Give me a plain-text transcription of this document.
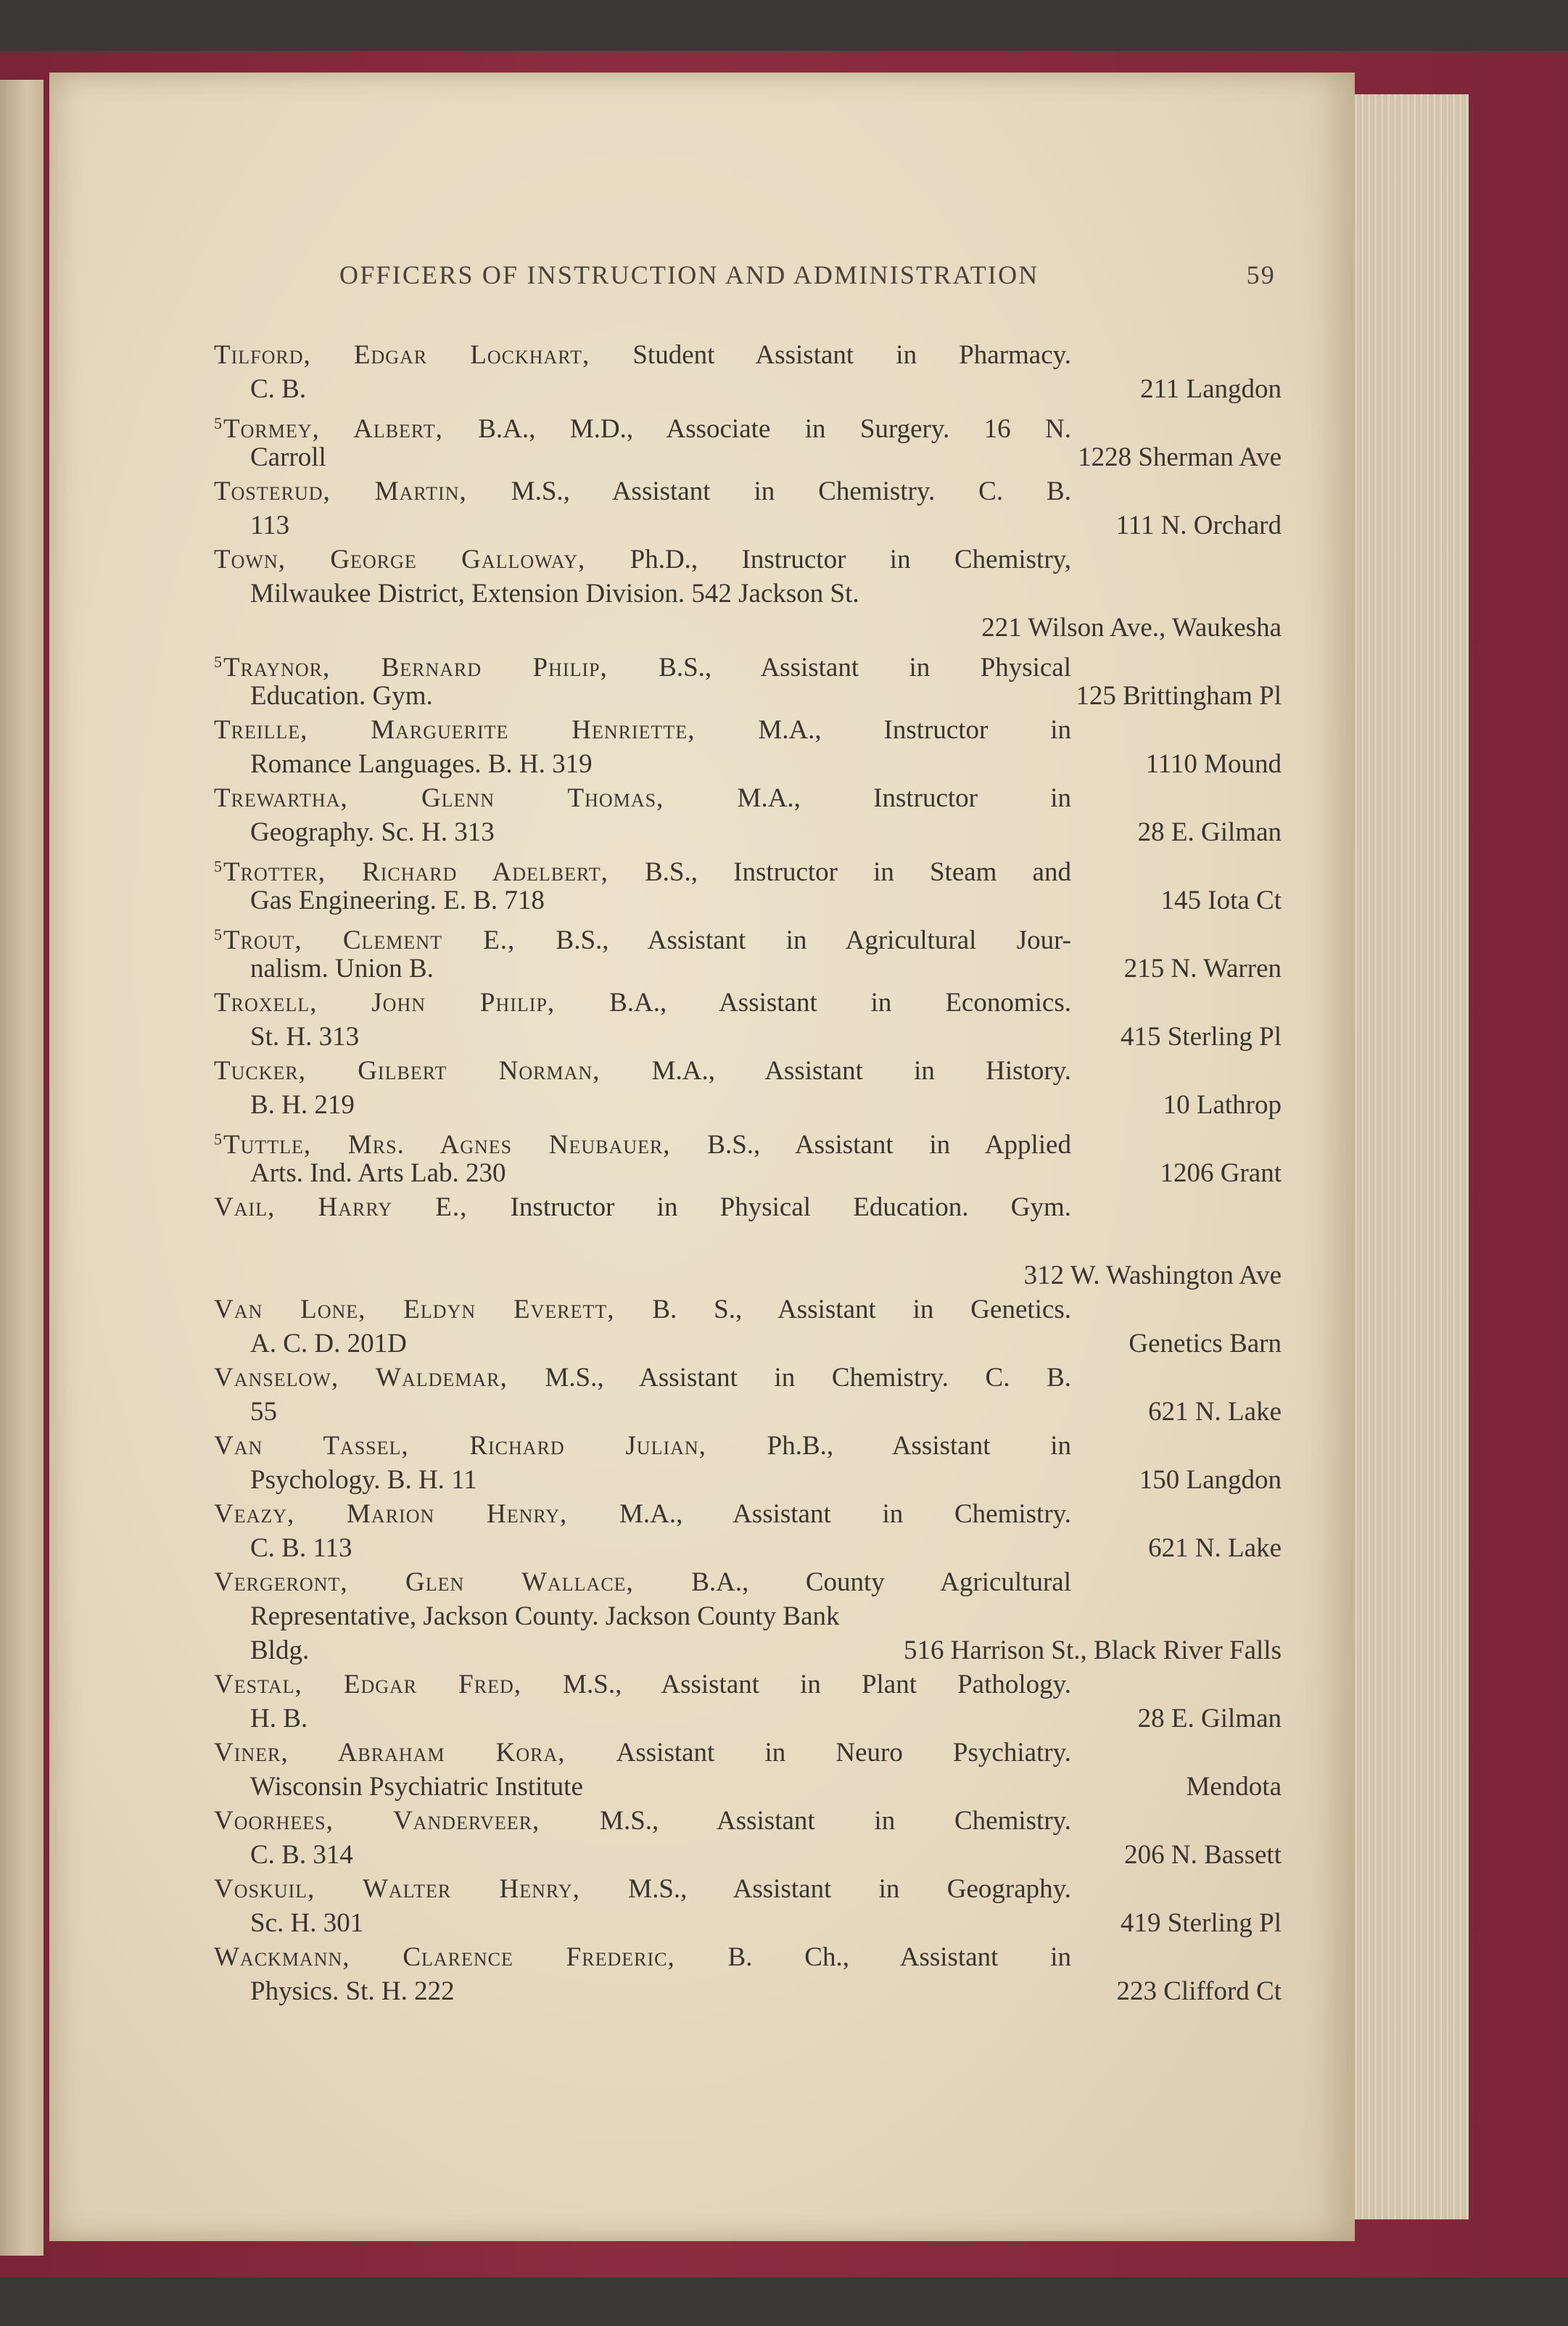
OFFICERS OF INSTRUCTION AND ADMINISTRATION	59
Tilford, Edgar Lockhart, Student Assistant in Pharmacy.
C. B.	211 Langdon
$^5$Tormey, Albert, B.A., M.D., Associate in Surgery. 16 N.
Carroll	1228 Sherman Ave
Tosterud, Martin, M.S., Assistant in Chemistry. C. B.
113	111 N. Orchard
Town, George Galloway, Ph.D., Instructor in Chemistry,
Milwaukee District, Extension Division. 542 Jackson St.
221 Wilson Ave., Waukesha
$^5$Traynor, Bernard Philip, B.S., Assistant in Physical
Education. Gym.	125 Brittingham Pl
Treille, Marguerite Henriette, M.A., Instructor in
Romance Languages. B. H. 319	1110 Mound
Trewartha, Glenn Thomas, M.A., Instructor in
Geography. Sc. H. 313	28 E. Gilman
$^5$Trotter, Richard Adelbert, B.S., Instructor in Steam and
Gas Engineering. E. B. 718	145 Iota Ct
$^5$Trout, Clement E., B.S., Assistant in Agricultural Jour-
nalism. Union B.	215 N. Warren
Troxell, John Philip, B.A., Assistant in Economics.
St. H. 313	415 Sterling Pl
Tucker, Gilbert Norman, M.A., Assistant in History.
B. H. 219	10 Lathrop
$^5$Tuttle, Mrs. Agnes Neubauer, B.S., Assistant in Applied
Arts. Ind. Arts Lab. 230	1206 Grant
Vail, Harry E., Instructor in Physical Education. Gym.
312 W. Washington Ave
Van Lone, Eldyn Everett, B. S., Assistant in Genetics.
A. C. D. 201D	Genetics Barn
Vanselow, Waldemar, M.S., Assistant in Chemistry. C. B.
55	621 N. Lake
Van Tassel, Richard Julian, Ph.B., Assistant in
Psychology. B. H. 11	150 Langdon
Veazy, Marion Henry, M.A., Assistant in Chemistry.
C. B. 113	621 N. Lake
Vergeront, Glen Wallace, B.A., County Agricultural
Representative, Jackson County. Jackson County Bank
Bldg.	516 Harrison St., Black River Falls
Vestal, Edgar Fred, M.S., Assistant in Plant Pathology.
H. B.	28 E. Gilman
Viner, Abraham Kora, Assistant in Neuro Psychiatry.
Wisconsin Psychiatric Institute	Mendota
Voorhees, Vanderveer, M.S., Assistant in Chemistry.
C. B. 314	206 N. Bassett
Voskuil, Walter Henry, M.S., Assistant in Geography.
Sc. H. 301	419 Sterling Pl
Wackmann, Clarence Frederic, B. Ch., Assistant in
Physics. St. H. 222	223 Clifford Ct
